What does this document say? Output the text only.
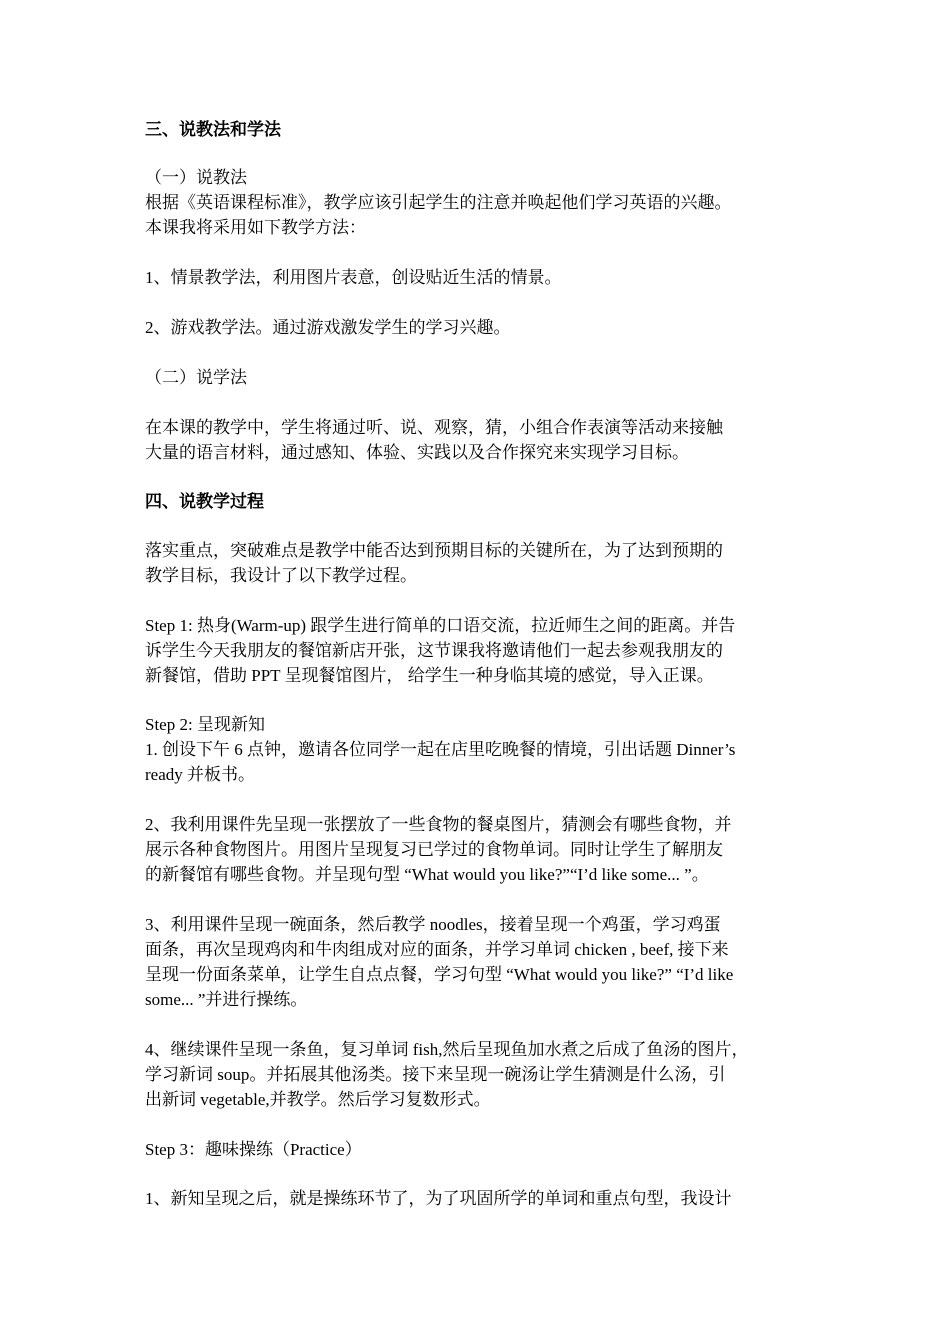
三、说教法和学法
（一）说教法
根据《英语课程标准》，教学应该引起学生的注意并唤起他们学习英语的兴趣。
本课我将采用如下教学方法：
1、情景教学法，利用图片表意，创设贴近生活的情景。
2、游戏教学法。通过游戏激发学生的学习兴趣。
（二）说学法
在本课的教学中，学生将通过听、说、观察，猜，小组合作表演等活动来接触
大量的语言材料，通过感知、体验、实践以及合作探究来实现学习目标。
四、说教学过程
落实重点，突破难点是教学中能否达到预期目标的关键所在，为了达到预期的
教学目标，我设计了以下教学过程。
Step 1: 热身(Warm-up) 跟学生进行简单的口语交流，拉近师生之间的距离。并告
诉学生今天我朋友的餐馆新店开张，这节课我将邀请他们一起去参观我朋友的
新餐馆，借助 PPT 呈现餐馆图片， 给学生一种身临其境的感觉，导入正课。
Step 2: 呈现新知
1. 创设下午 6 点钟，邀请各位同学一起在店里吃晚餐的情境，引出话题 Dinner’s
ready 并板书。
2、我利用课件先呈现一张摆放了一些食物的餐桌图片，猜测会有哪些食物，并
展示各种食物图片。用图片呈现复习已学过的食物单词。同时让学生了解朋友
的新餐馆有哪些食物。并呈现句型 “What would you like?”“I’d like some... ”。
3、利用课件呈现一碗面条，然后教学 noodles，接着呈现一个鸡蛋，学习鸡蛋
面条，再次呈现鸡肉和牛肉组成对应的面条，并学习单词 chicken , beef, 接下来
呈现一份面条菜单，让学生自点点餐，学习句型 “What would you like?” “I’d like
some... ”并进行操练。
4、继续课件呈现一条鱼，复习单词 fish,然后呈现鱼加水煮之后成了鱼汤的图片，
学习新词 soup。并拓展其他汤类。接下来呈现一碗汤让学生猜测是什么汤，引
出新词 vegetable,并教学。然后学习复数形式。
Step 3：趣味操练（Practice）
1、新知呈现之后，就是操练环节了，为了巩固所学的单词和重点句型，我设计
